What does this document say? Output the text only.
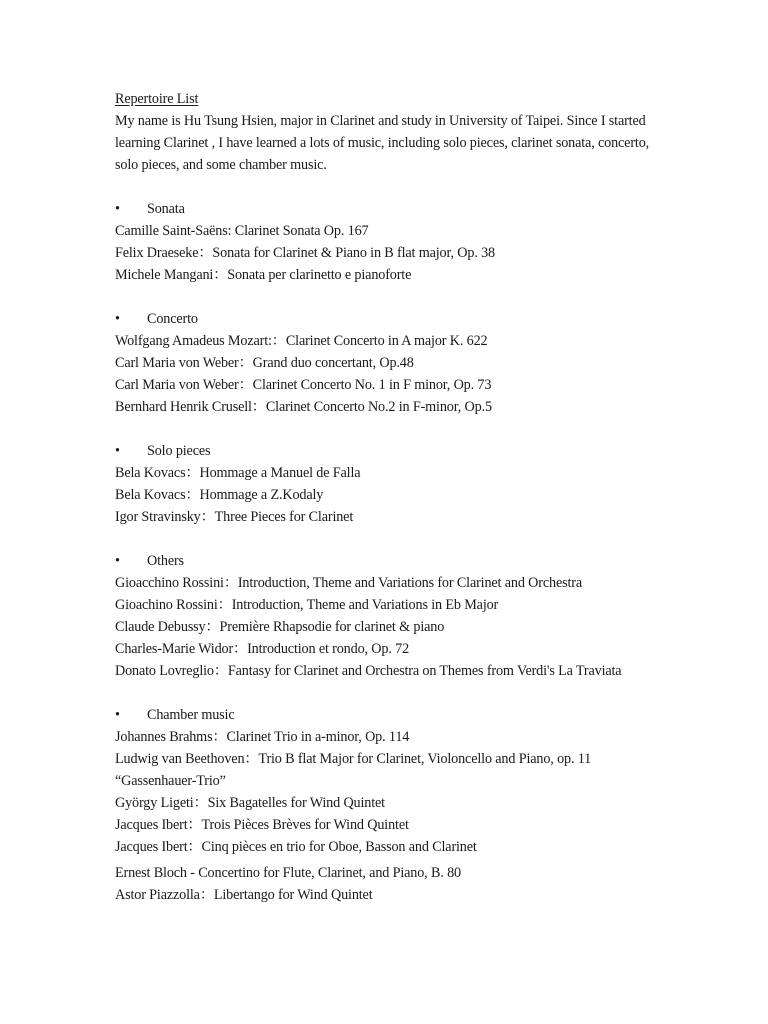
Repertoire List

My name is Hu Tsung Hsien, major in Clarinet and study in University of Taipei. Since I started learning Clarinet , I have learned a lots of music, including solo pieces, clarinet sonata, concerto, solo pieces, and some chamber music.

• Sonata
Camille Saint-Saëns: Clarinet Sonata Op. 167
Felix Draeseke：Sonata for Clarinet & Piano in B flat major, Op. 38
Michele Mangani：Sonata per clarinetto e pianoforte
• Concerto
Wolfgang Amadeus Mozart:：Clarinet Concerto in A major K. 622
Carl Maria von Weber：Grand duo concertant, Op.48
Carl Maria von Weber：Clarinet Concerto No. 1 in F minor, Op. 73
Bernhard Henrik Crusell：Clarinet Concerto No.2 in F-minor, Op.5
• Solo pieces
Bela Kovacs：Hommage a Manuel de Falla
Bela Kovacs：Hommage a Z.Kodaly
Igor Stravinsky：Three Pieces for Clarinet
• Others
Gioacchino Rossini：Introduction, Theme and Variations for Clarinet and Orchestra
Gioachino Rossini：Introduction, Theme and Variations in Eb Major
Claude Debussy：Première Rhapsodie for clarinet & piano
Charles-Marie Widor：Introduction et rondo, Op. 72
Donato Lovreglio：Fantasy for Clarinet and Orchestra on Themes from Verdi's La Traviata
• Chamber music
Johannes Brahms：Clarinet Trio in a-minor, Op. 114
Ludwig van Beethoven：Trio B flat Major for Clarinet, Violoncello and Piano, op. 11 “Gassenhauer-Trio”
György Ligeti：Six Bagatelles for Wind Quintet
Jacques Ibert：Trois Pièces Brèves for Wind Quintet
Jacques Ibert：Cinq pièces en trio for Oboe, Basson and Clarinet
Ernest Bloch - Concertino for Flute, Clarinet, and Piano, B. 80
Astor Piazzolla：Libertango for Wind Quintet
